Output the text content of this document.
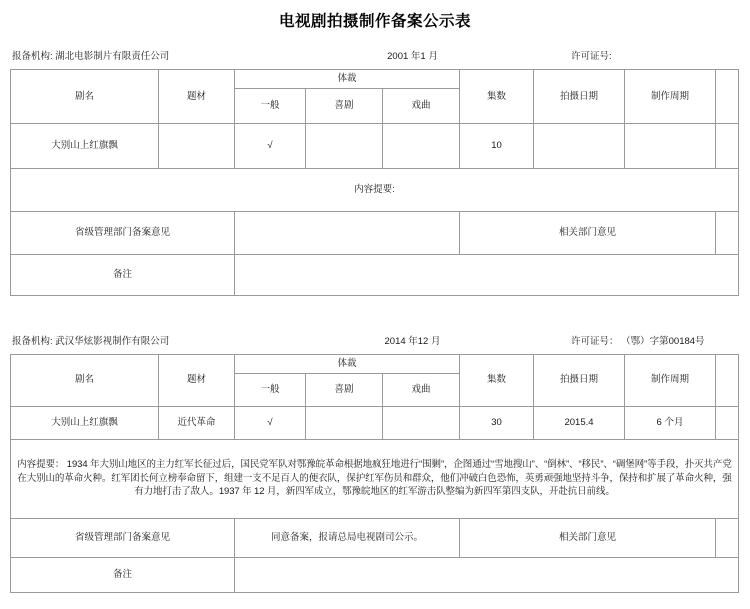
电视剧拍摄制作备案公示表
报备机构: 湖北电影制片有限责任公司	2001 年1 月	许可证号:
剧名	题材	体裁			集数	拍摄日期	制作周期	
		一般	喜剧	戏曲				
大别山上红旗飘		√			10			
内容提要:								
省级管理部门备案意见					相关部门意见			
备注								
报备机构: 武汉华炫影视制作有限公司	2014 年12 月	许可证号： （鄂）字第00184号
剧名	题材	体裁			集数	拍摄日期	制作周期	
		一般	喜剧	戏曲				
大别山上红旗飘	近代革命	√			30	2015.4	6 个月	
内容提要： 1934 年大别山地区的主力红军长征过后，国民党军队对鄂豫皖革命根据地疯狂地进行“围剿”，企图通过“雪地搜山”、“倒林”、“移民”、“碉堡网”等手段，扑灭共产党在大别山的革命火种。红军团长何立榜奉命留下，组建一支不足百人的便衣队，保护红军伤员和群众，他们冲破白色恐怖，英勇顽强地坚持斗争，保持和扩展了革命火种，强有力地打击了敌人。1937 年 12 月，新四军成立，鄂豫皖地区的红军游击队整编为新四军第四支队，开赴抗日前线。								
省级管理部门备案意见		同意备案，报请总局电视剧司公示。			相关部门意见			
备注								
